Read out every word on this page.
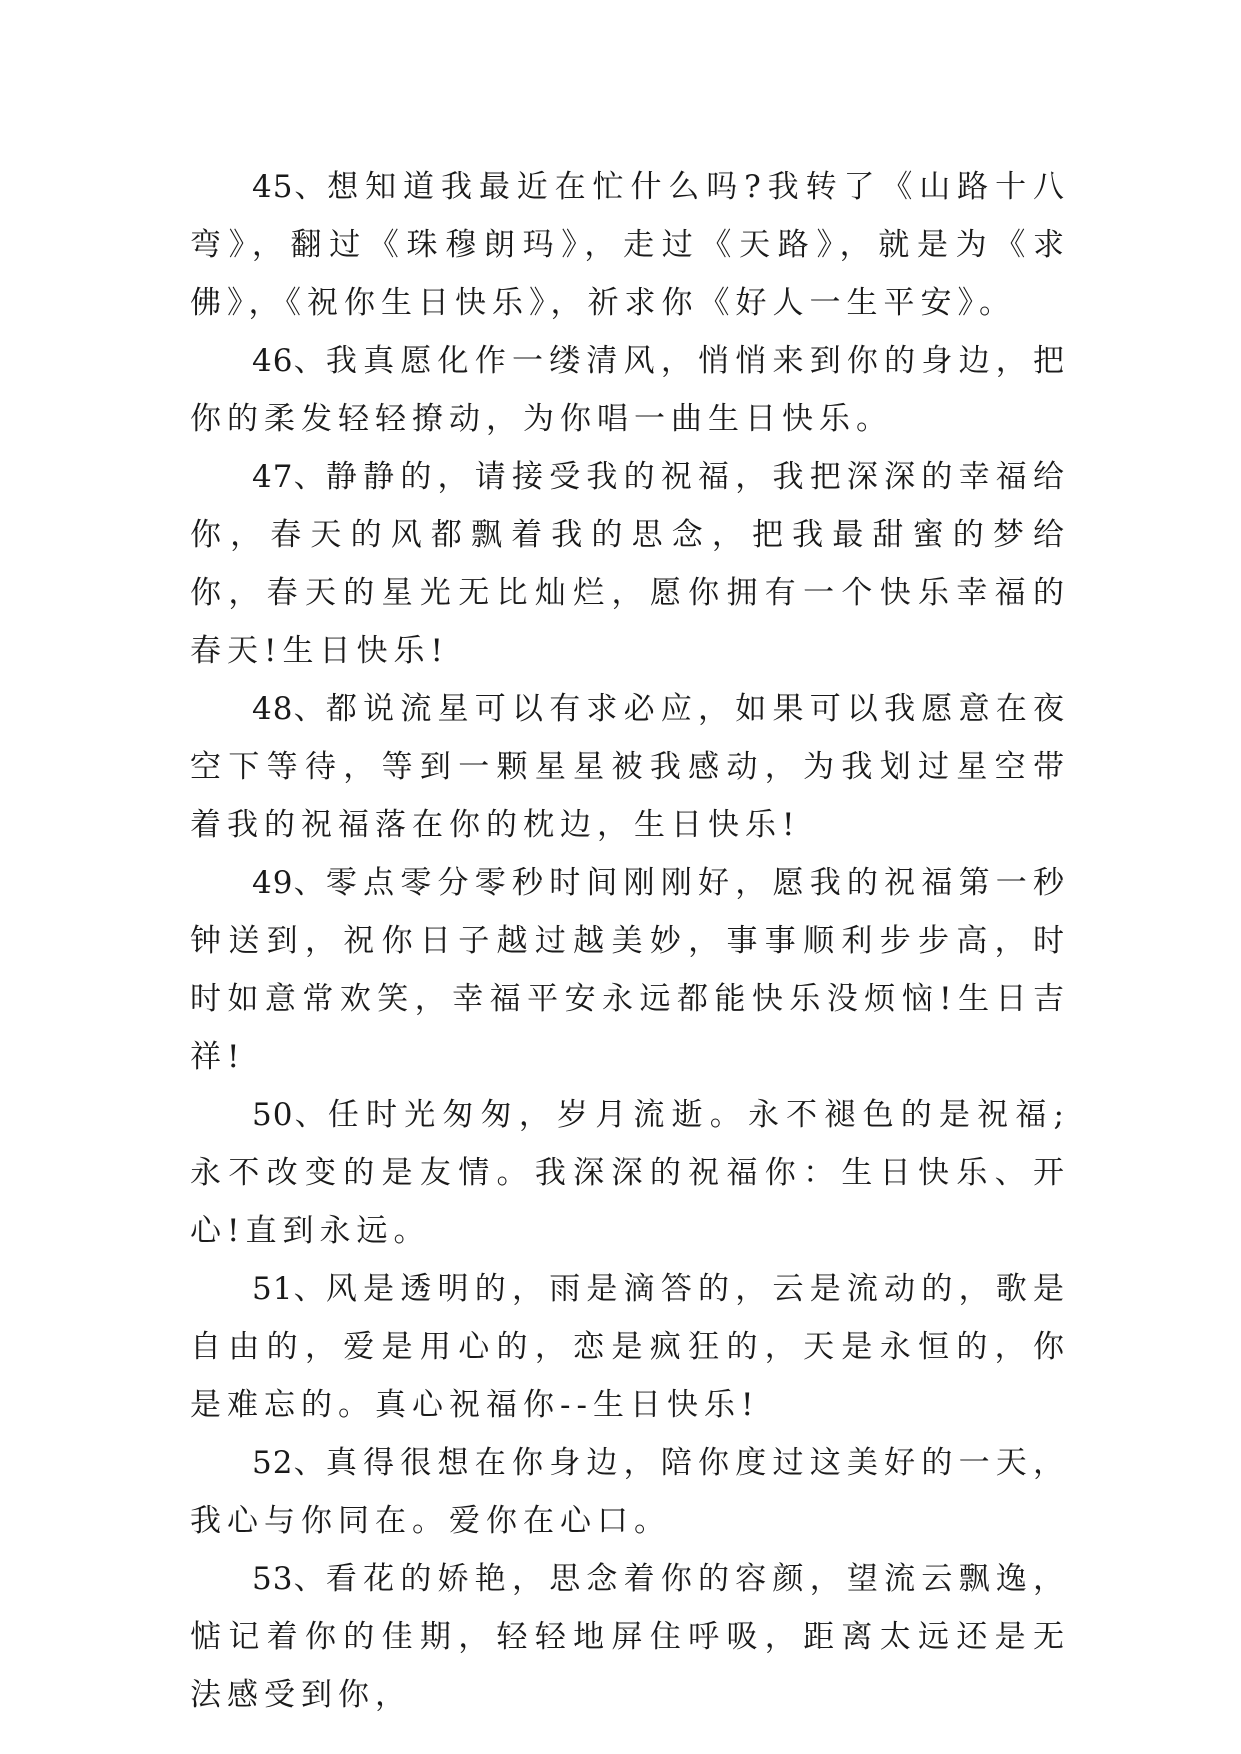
45、想知道我最近在忙什么吗?我转了《山路十八弯》，翻过《珠穆朗玛》，走过《天路》，就是为《求佛》，《祝你生日快乐》，祈求你《好人一生平安》。

46、我真愿化作一缕清风，悄悄来到你的身边，把你的柔发轻轻撩动，为你唱一曲生日快乐。

47、静静的，请接受我的祝福，我把深深的幸福给你，春天的风都飘着我的思念，把我最甜蜜的梦给你，春天的星光无比灿烂，愿你拥有一个快乐幸福的春天!生日快乐!

48、都说流星可以有求必应，如果可以我愿意在夜空下等待，等到一颗星星被我感动，为我划过星空带着我的祝福落在你的枕边，生日快乐!

49、零点零分零秒时间刚刚好，愿我的祝福第一秒钟送到，祝你日子越过越美妙，事事顺利步步高，时时如意常欢笑，幸福平安永远都能快乐没烦恼!生日吉祥!

50、任时光匆匆，岁月流逝。永不褪色的是祝福;永不改变的是友情。我深深的祝福你：生日快乐、开心!直到永远。

51、风是透明的，雨是滴答的，云是流动的，歌是自由的，爱是用心的，恋是疯狂的，天是永恒的，你是难忘的。真心祝福你--生日快乐!

52、真得很想在你身边，陪你度过这美好的一天，我心与你同在。爱你在心口。

53、看花的娇艳，思念着你的容颜，望流云飘逸，惦记着你的佳期，轻轻地屏住呼吸，距离太远还是无法感受到你，
